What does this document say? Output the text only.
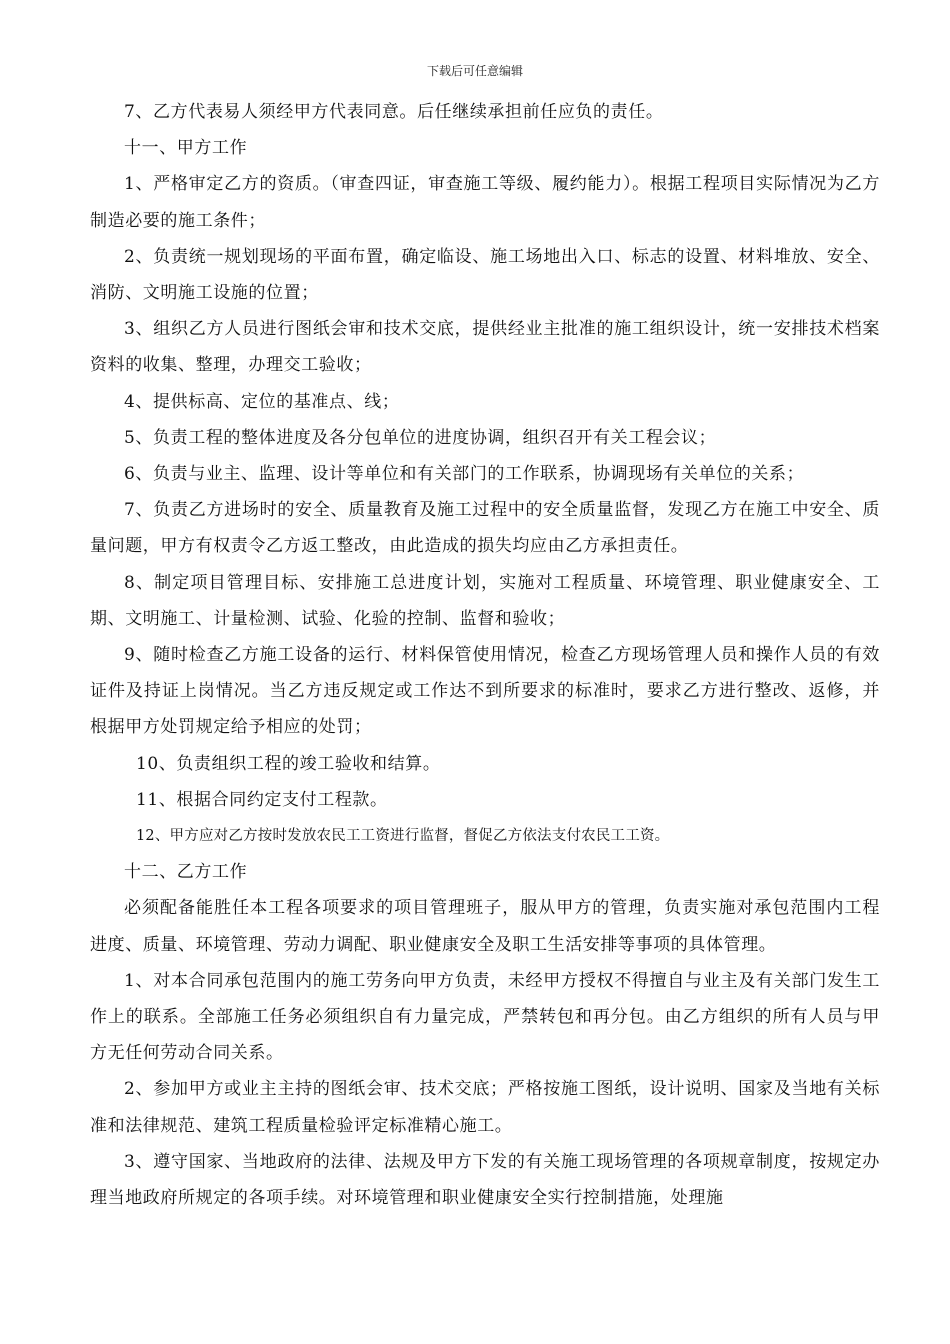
下载后可任意编辑

7、乙方代表易人须经甲方代表同意。后任继续承担前任应负的责任。

十一、甲方工作

1、严格审定乙方的资质。（审查四证，审查施工等级、履约能力）。根据工程项目实际情况为乙方制造必要的施工条件；

2、负责统一规划现场的平面布置，确定临设、施工场地出入口、标志的设置、材料堆放、安全、消防、文明施工设施的位置；

3、组织乙方人员进行图纸会审和技术交底，提供经业主批准的施工组织设计，统一安排技术档案资料的收集、整理，办理交工验收；

4、提供标高、定位的基准点、线；

5、负责工程的整体进度及各分包单位的进度协调，组织召开有关工程会议；

6、负责与业主、监理、设计等单位和有关部门的工作联系，协调现场有关单位的关系；

7、负责乙方进场时的安全、质量教育及施工过程中的安全质量监督，发现乙方在施工中安全、质量问题，甲方有权责令乙方返工整改，由此造成的损失均应由乙方承担责任。

8、制定项目管理目标、安排施工总进度计划，实施对工程质量、环境管理、职业健康安全、工期、文明施工、计量检测、试验、化验的控制、监督和验收；

9、随时检查乙方施工设备的运行、材料保管使用情况，检查乙方现场管理人员和操作人员的有效证件及持证上岗情况。当乙方违反规定或工作达不到所要求的标准时，要求乙方进行整改、返修，并根据甲方处罚规定给予相应的处罚；

10、负责组织工程的竣工验收和结算。

11、根据合同约定支付工程款。

12、甲方应对乙方按时发放农民工工资进行监督，督促乙方依法支付农民工工资。

十二、乙方工作

必须配备能胜任本工程各项要求的项目管理班子，服从甲方的管理，负责实施对承包范围内工程进度、质量、环境管理、劳动力调配、职业健康安全及职工生活安排等事项的具体管理。

1、对本合同承包范围内的施工劳务向甲方负责，未经甲方授权不得擅自与业主及有关部门发生工作上的联系。全部施工任务必须组织自有力量完成，严禁转包和再分包。由乙方组织的所有人员与甲方无任何劳动合同关系。

2、参加甲方或业主主持的图纸会审、技术交底；严格按施工图纸，设计说明、国家及当地有关标准和法律规范、建筑工程质量检验评定标准精心施工。

3、遵守国家、当地政府的法律、法规及甲方下发的有关施工现场管理的各项规章制度，按规定办理当地政府所规定的各项手续。对环境管理和职业健康安全实行控制措施，处理施
